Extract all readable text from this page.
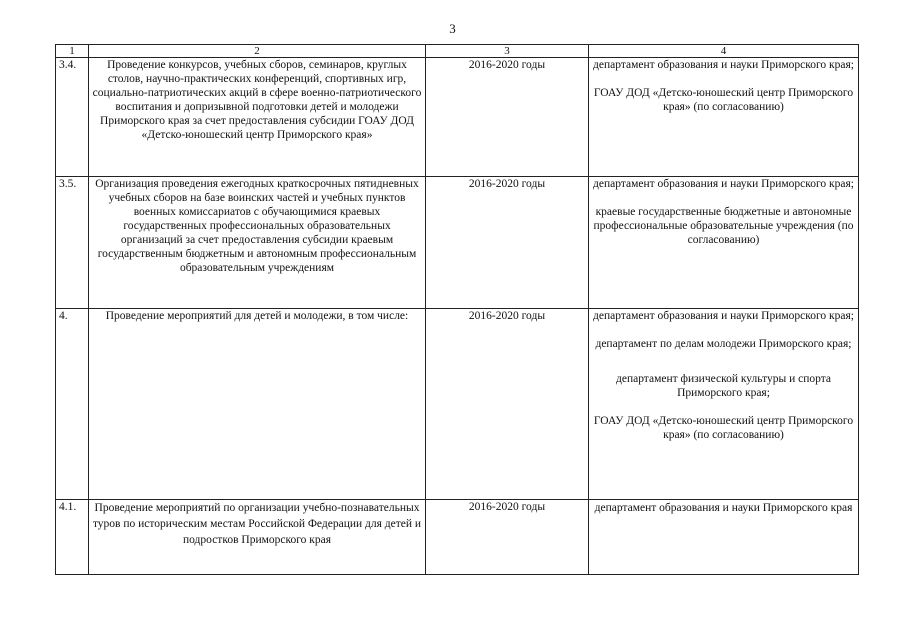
3
1	2	3	4
3.4.	Проведение конкурсов, учебных сборов, семинаров, круглых столов, научно-практических конференций, спортивных игр, социально-патриотических акций в сфере военно-патриотического воспитания и допризывной подготовки детей и молодежи Приморского края за счет предоставления субсидии ГОАУ ДОД «Детско-юношеский центр Приморского края»	2016-2020 годы	департамент образования и науки Приморского края;
ГОАУ ДОД «Детско-юношеский центр Приморского края» (по согласованию)

3.5.	Организация проведения ежегодных краткосрочных пятидневных учебных сборов на базе воинских частей и учебных пунктов военных комиссариатов с обучающимися краевых государственных профессиональных образовательных организаций за счет предоставления субсидии краевым государственным бюджетным и автономным профессиональным образовательным учреждениям	2016-2020 годы	департамент образования и науки Приморского края;
краевые государственные бюджетные и автономные профессиональные образовательные учреждения (по согласованию)

4.	Проведение мероприятий для детей и молодежи, в том числе:	2016-2020 годы	департамент образования и науки Приморского края;
департамент по делам молодежи Приморского края;
департамент физической культуры и спорта Приморского края;
ГОАУ ДОД «Детско-юношеский центр Приморского края» (по согласованию)

4.1.	Проведение мероприятий по организации учебно-познавательных туров по историческим местам Российской Федерации для детей и подростков Приморского края	2016-2020 годы	департамент образования и науки Приморского края
